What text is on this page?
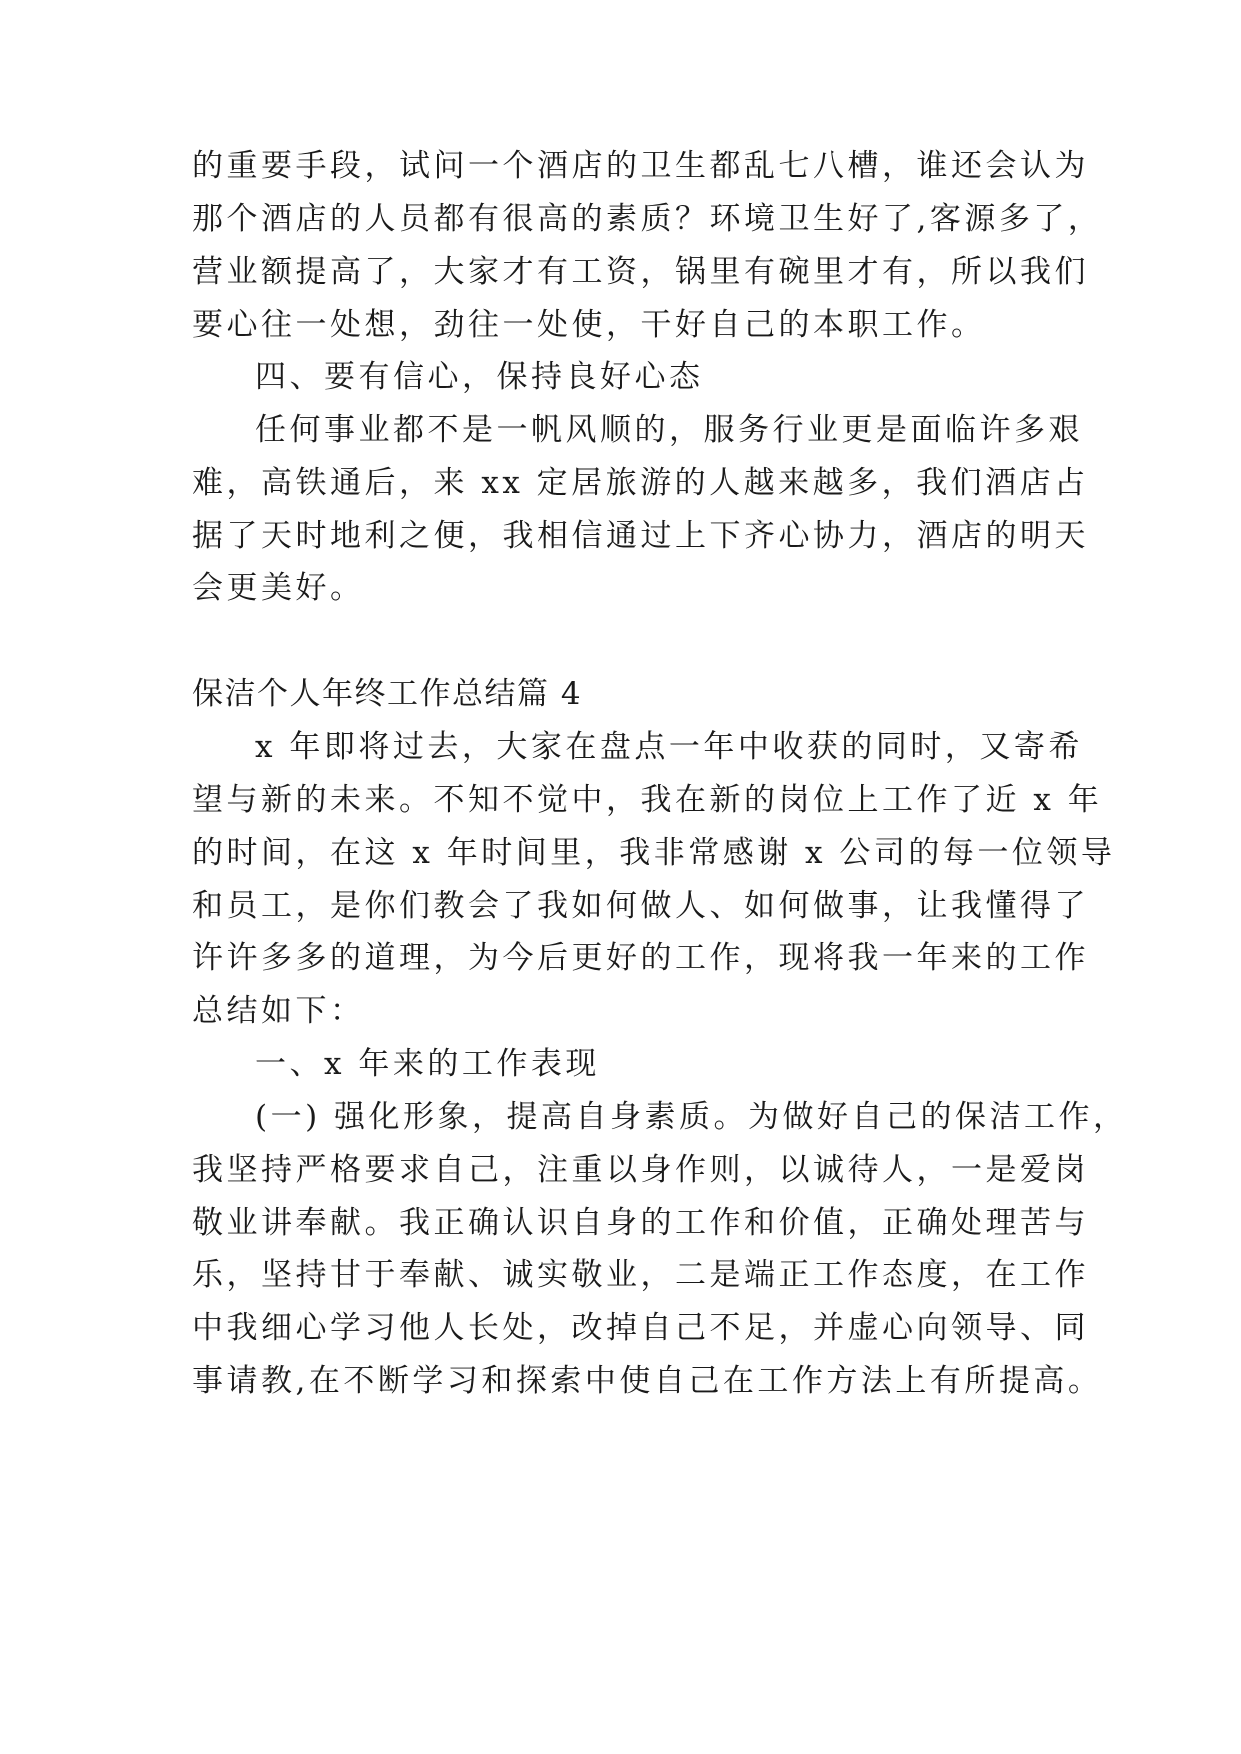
的重要手段，试问一个酒店的卫生都乱七八槽，谁还会认为
那个酒店的人员都有很高的素质？环境卫生好了,客源多了，
营业额提高了，大家才有工资，锅里有碗里才有，所以我们
要心往一处想，劲往一处使，干好自己的本职工作。
四、要有信心，保持良好心态
任何事业都不是一帆风顺的，服务行业更是面临许多艰
难，高铁通后，来 xx 定居旅游的人越来越多，我们酒店占
据了天时地利之便，我相信通过上下齐心协力，酒店的明天
会更美好。
保洁个人年终工作总结篇 4
x 年即将过去，大家在盘点一年中收获的同时，又寄希
望与新的未来。不知不觉中，我在新的岗位上工作了近 x 年
的时间，在这 x 年时间里，我非常感谢 x 公司的每一位领导
和员工，是你们教会了我如何做人、如何做事，让我懂得了
许许多多的道理，为今后更好的工作，现将我一年来的工作
总结如下：
一、x 年来的工作表现
(一) 强化形象，提高自身素质。为做好自己的保洁工作，
我坚持严格要求自己，注重以身作则，以诚待人，一是爱岗
敬业讲奉献。我正确认识自身的工作和价值，正确处理苦与
乐，坚持甘于奉献、诚实敬业，二是端正工作态度，在工作
中我细心学习他人长处，改掉自己不足，并虚心向领导、同
事请教,在不断学习和探索中使自己在工作方法上有所提高。
